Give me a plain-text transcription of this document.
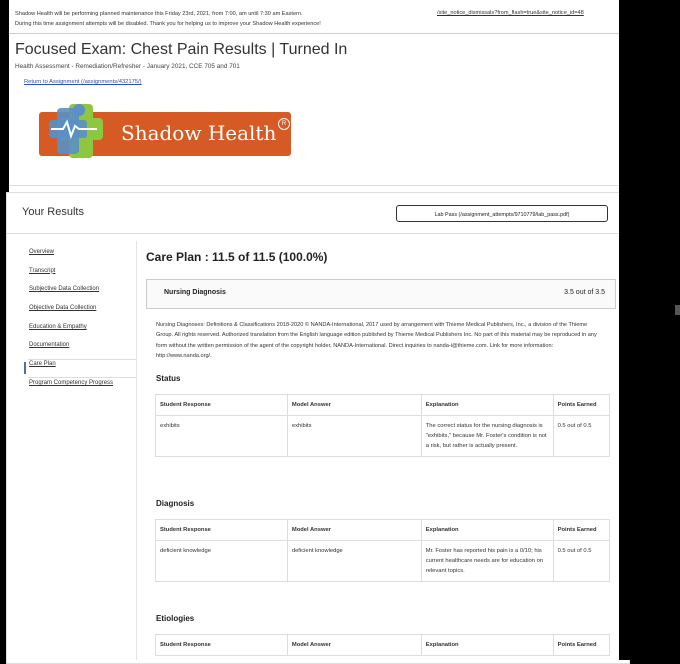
Shadow Health will be performing planned maintenance this Friday 23rd, 2021, from 7:00, am until 7:30 am Eastern.
During this time assignment attempts will be disabled. Thank you for helping us to improve your Shadow Health experience!
/site_notice_dismissals?from_flash=true&site_notice_id=48
Focused Exam: Chest Pain Results | Turned In
Health Assessment - Remediation/Refresher - January 2021, CCE 705 and 701
Return to Assignment (/assignments/432175/)
Shadow Health R
Your Results	Lab Pass (/assignment_attempts/9710779/lab_pass.pdf)
Overview
Transcript
Subjective Data Collection
Objective Data Collection
Education & Empathy
Documentation
Care Plan
Program Competency Progress
Care Plan : 11.5 of 11.5 (100.0%)
Nursing Diagnosis	3.5 out of 3.5
Nursing Diagnoses: Definitions & Classifications 2018-2020 © NANDA-International, 2017 used by arrangement with Thieme Medical Publishers, Inc., a division of the Thieme Group. All rights reserved. Authorized translation from the English language edition published by Thieme Medical Publishers Inc. No part of this material may be reproduced in any form without the written permission of the agent of the copyright holder, NANDA-International. Direct inquiries to nanda-i@thieme.com. Link for more information: http://www.nanda.org/.
Status
Student Response	Model Answer	Explanation	Points Earned
exhibits	exhibits	The correct status for the nursing diagnosis is "exhibits," because Mr. Foster's condition is not a risk, but rather is actually present.	0.5 out of 0.5
Diagnosis
Student Response	Model Answer	Explanation	Points Earned
deficient knowledge	deficient knowledge	Mr. Foster has reported his pain is a 0/10; his current healthcare needs are for education on relevant topics.	0.5 out of 0.5
Etiologies
Student Response	Model Answer	Explanation	Points Earned
